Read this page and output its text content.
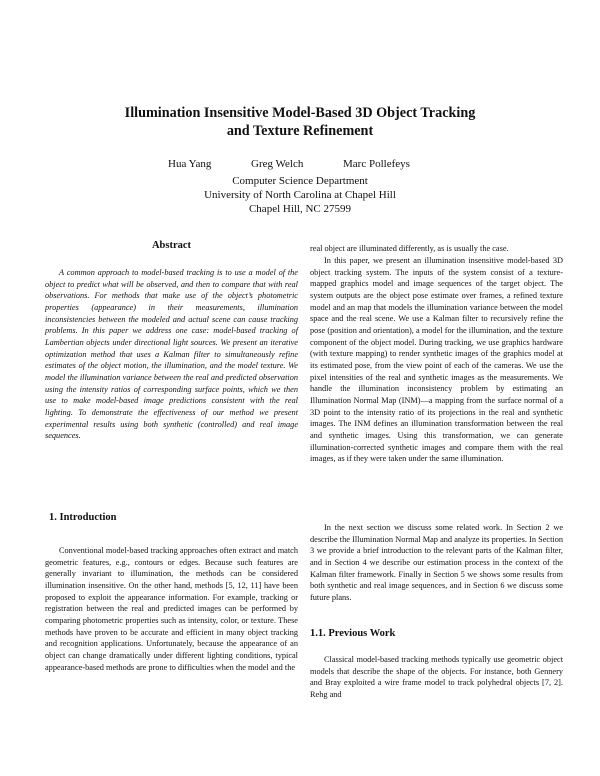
Illumination Insensitive Model-Based 3D Object Tracking
and Texture Refinement
Hua Yang	Greg Welch	Marc Pollefeys
Computer Science Department
University of North Carolina at Chapel Hill
Chapel Hill, NC 27599
Abstract

A common approach to model-based tracking is to use a model of the object to predict what will be observed, and then to compare that with real observations. For methods that make use of the object’s photometric properties (appearance) in their measurements, illumination inconsistencies between the modeled and actual scene can cause tracking problems. In this paper we address one case: model-based tracking of Lambertian objects under directional light sources. We present an iterative optimization method that uses a Kalman filter to simultaneously refine estimates of the object motion, the illumination, and the model texture. We model the illumination variance between the real and predicted observation using the intensity ratios of corresponding surface points, which we then use to make model-based image predictions consistent with the real lighting. To demonstrate the effectiveness of our method we present experimental results using both synthetic (controlled) and real image sequences.

1. Introduction

Conventional model-based tracking approaches often extract and match geometric features, e.g., contours or edges. Because such features are generally invariant to illumination, the methods can be considered illumination insensitive. On the other hand, methods [5, 12, 11] have been proposed to exploit the appearance information. For example, tracking or registration between the real and predicted images can be performed by comparing photometric properties such as intensity, color, or texture. These methods have proven to be accurate and efficient in many object tracking and recognition applications. Unfortunately, because the appearance of an object can change dramatically under different lighting conditions, typical appearance-based methods are prone to difficulties when the model and the

real object are illuminated differently, as is usually the case.

In this paper, we present an illumination insensitive model-based 3D object tracking system. The inputs of the system consist of a texture-mapped graphics model and image sequences of the target object. The system outputs are the object pose estimate over frames, a refined texture model and an map that models the illumination variance between the model space and the real scene. We use a Kalman filter to recursively refine the pose (position and orientation), a model for the illumination, and the texture component of the object model. During tracking, we use graphics hardware (with texture mapping) to render synthetic images of the graphics model at its estimated pose, from the view point of each of the cameras. We use the pixel intensities of the real and synthetic images as the measurements. We handle the illumination inconsistency problem by estimating an Illumination Normal Map (INM)—a mapping from the surface normal of a 3D point to the intensity ratio of its projections in the real and synthetic images. The INM defines an illumination transformation between the real and synthetic images. Using this transformation, we can generate illumination-corrected synthetic images and compare them with the real images, as if they were taken under the same illumination.

In the next section we discuss some related work. In Section 2 we describe the Illumination Normal Map and analyze its properties. In Section 3 we provide a brief introduction to the relevant parts of the Kalman filter, and in Section 4 we describe our estimation process in the context of the Kalman filter framework. Finally in Section 5 we shows some results from both synthetic and real image sequences, and in Section 6 we discuss some future plans.

1.1. Previous Work

Classical model-based tracking methods typically use geometric object models that describe the shape of the objects. For instance, both Gennery and Bray exploited a wire frame model to track polyhedral objects [7, 2]. Rehg and
